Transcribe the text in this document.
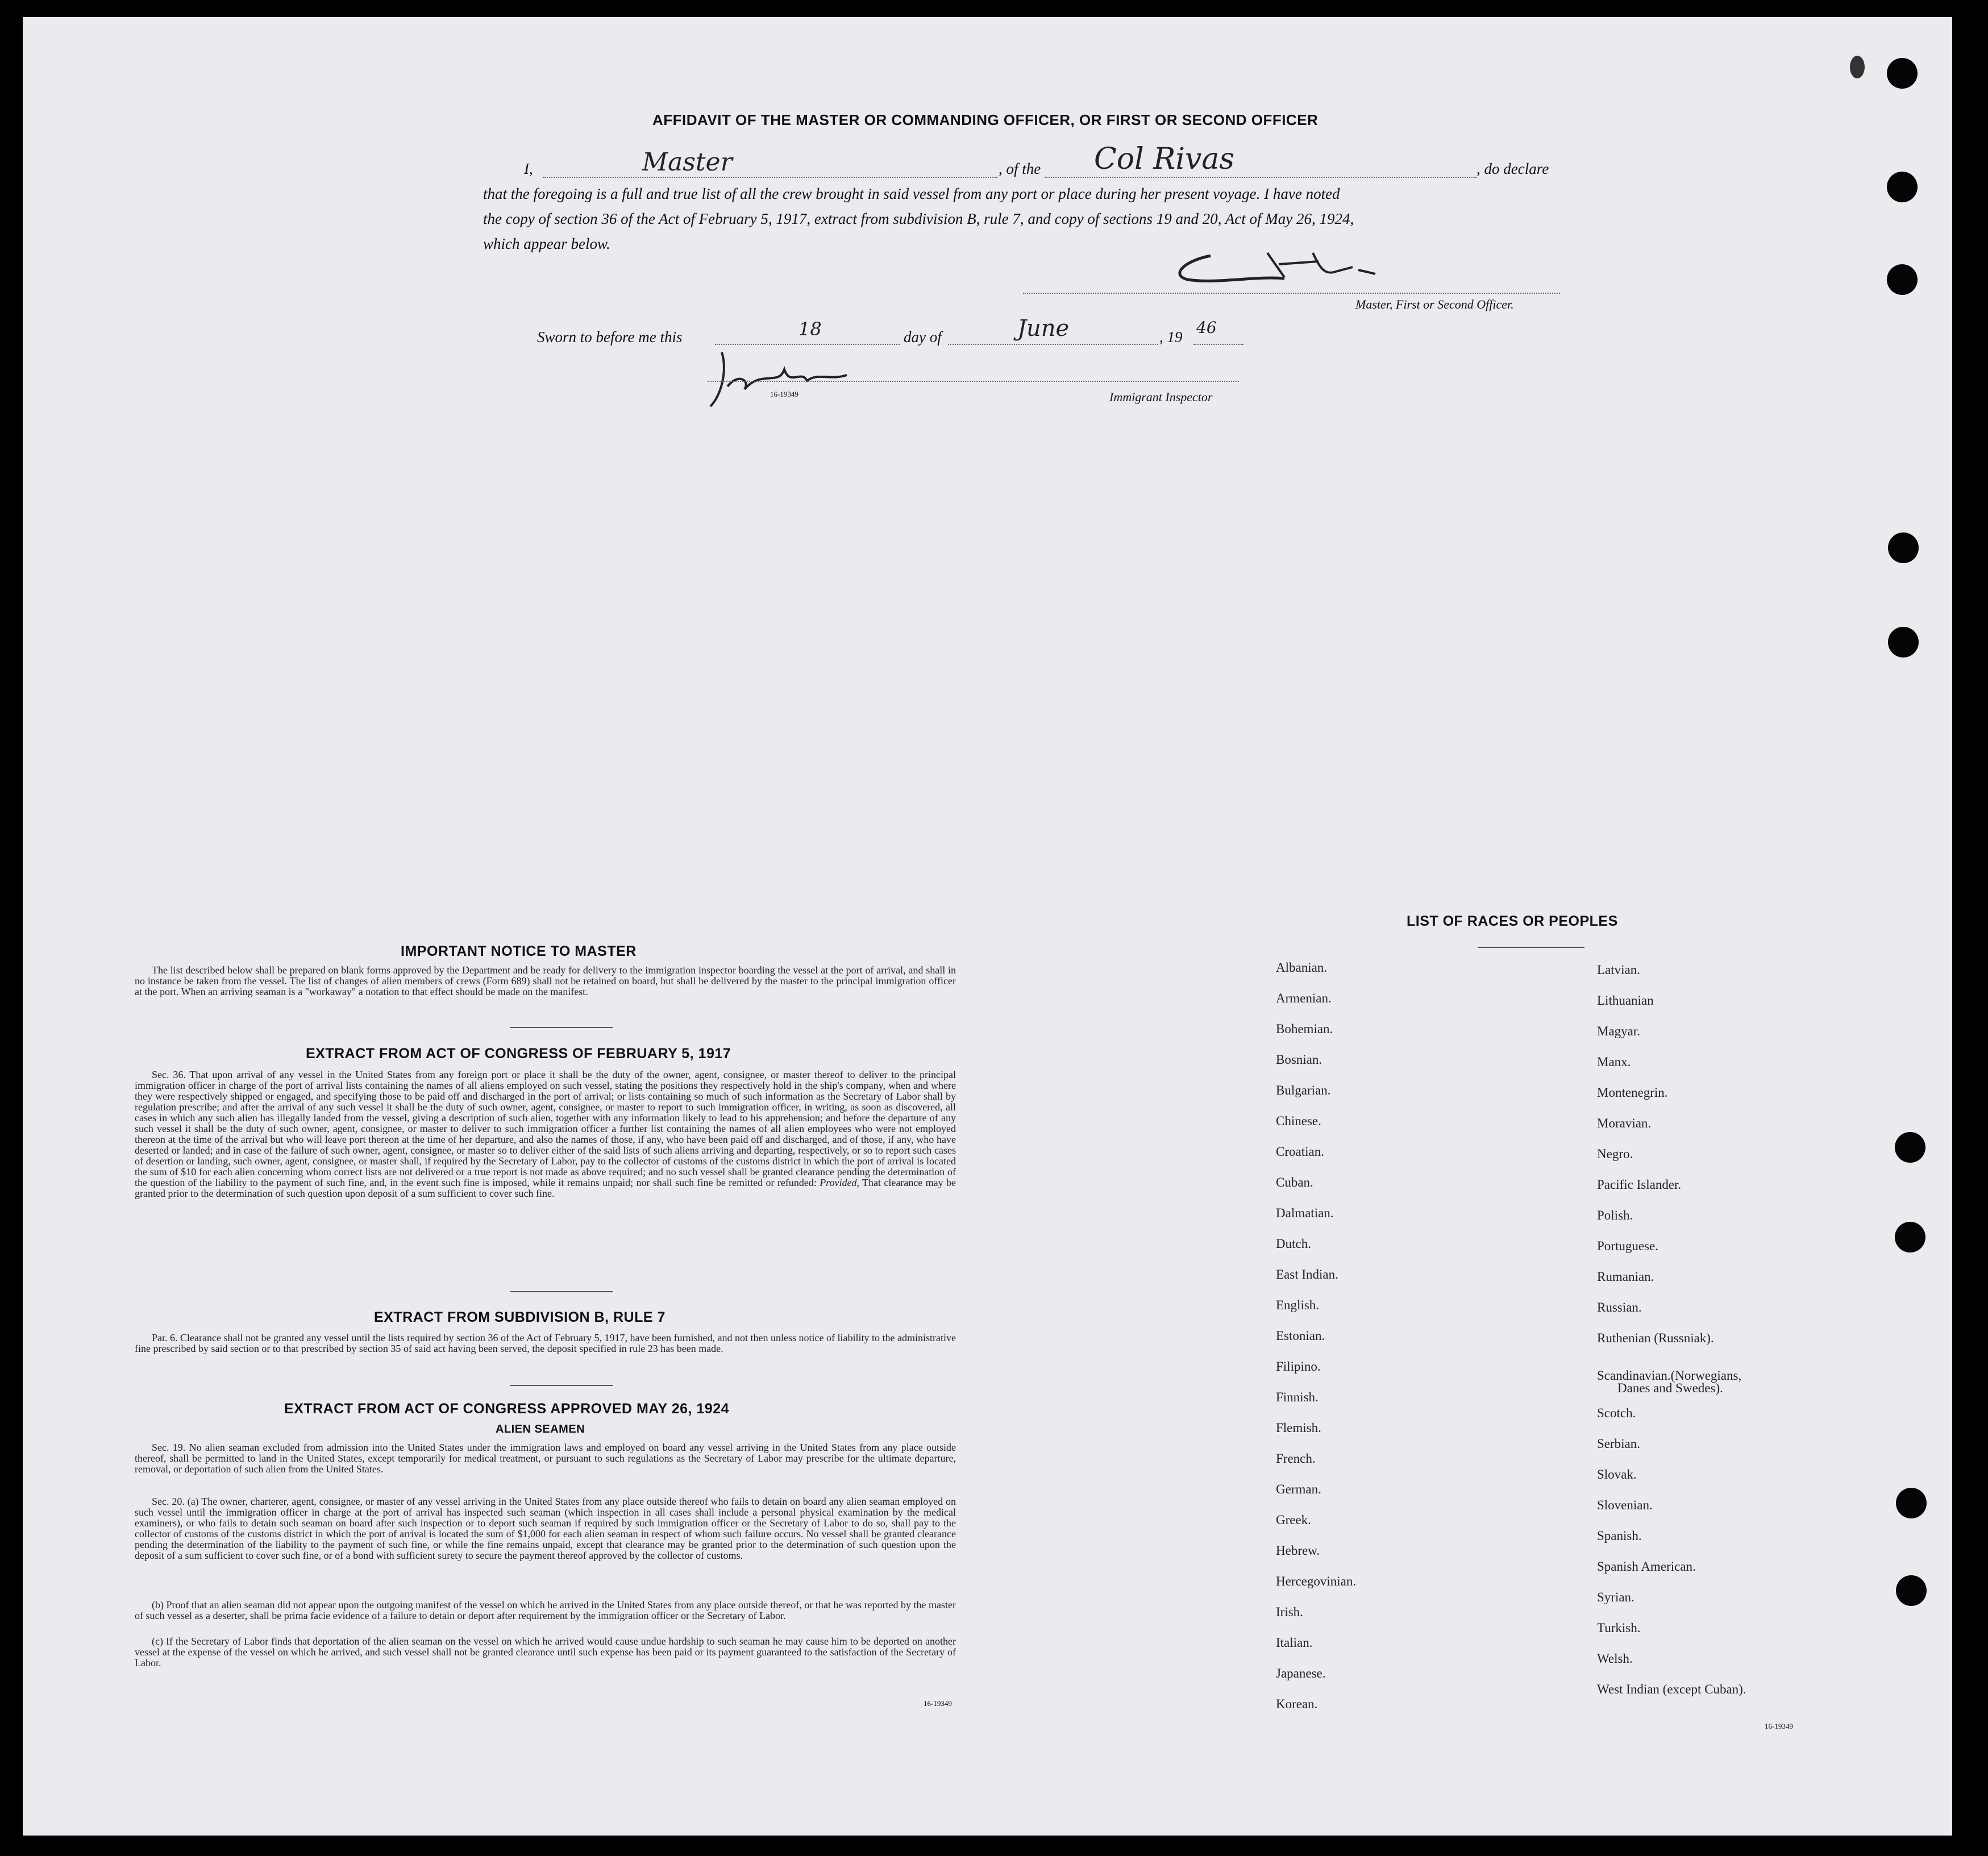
AFFIDAVIT OF THE MASTER OR COMMANDING OFFICER, OR FIRST OR SECOND OFFICER
I,	Master	, of the Col Rivas	, do declare
that the foregoing is a full and true list of all the crew brought in said vessel from any port or place during her present voyage. I have noted
the copy of section 36 of the Act of February 5, 1917, extract from subdivision B, rule 7, and copy of sections 19 and 20, Act of May 26, 1924,
which appear below.
Master, First or Second Officer.
Sworn to before me this	18	day of	June	, 19 46
16-19349	Immigrant Inspector
IMPORTANT NOTICE TO MASTER
The list described below shall be prepared on blank forms approved by the Department and be ready for delivery to the immigration inspector boarding the vessel at the port of arrival, and shall in no instance be taken from the vessel. The list of changes of alien members of crews (Form 689) shall not be retained on board, but shall be delivered by the master to the principal immigration officer at the port. When an arriving seaman is a "workaway" a notation to that effect should be made on the manifest.
EXTRACT FROM ACT OF CONGRESS OF FEBRUARY 5, 1917
Sec. 36. That upon arrival of any vessel in the United States from any foreign port or place it shall be the duty of the owner, agent, consignee, or master thereof to deliver to the principal immigration officer in charge of the port of arrival lists containing the names of all aliens employed on such vessel, stating the positions they respectively hold in the ship's company, when and where they were respectively shipped or engaged, and specifying those to be paid off and discharged in the port of arrival; or lists containing so much of such information as the Secretary of Labor shall by regulation prescribe; and after the arrival of any such vessel it shall be the duty of such owner, agent, consignee, or master to report to such immigration officer, in writing, as soon as discovered, all cases in which any such alien has illegally landed from the vessel, giving a description of such alien, together with any information likely to lead to his apprehension; and before the departure of any such vessel it shall be the duty of such owner, agent, consignee, or master to deliver to such immigration officer a further list containing the names of all alien employees who were not employed thereon at the time of the arrival but who will leave port thereon at the time of her departure, and also the names of those, if any, who have been paid off and discharged, and of those, if any, who have deserted or landed; and in case of the failure of such owner, agent, consignee, or master so to deliver either of the said lists of such aliens arriving and departing, respectively, or so to report such cases of desertion or landing, such owner, agent, consignee, or master shall, if required by the Secretary of Labor, pay to the collector of customs of the customs district in which the port of arrival is located the sum of $10 for each alien concerning whom correct lists are not delivered or a true report is not made as above required; and no such vessel shall be granted clearance pending the determination of the question of the liability to the payment of such fine, and, in the event such fine is imposed, while it remains unpaid; nor shall such fine be remitted or refunded: Provided, That clearance may be granted prior to the determination of such question upon deposit of a sum sufficient to cover such fine.
EXTRACT FROM SUBDIVISION B, RULE 7
Par. 6. Clearance shall not be granted any vessel until the lists required by section 36 of the Act of February 5, 1917, have been furnished, and not then unless notice of liability to the administrative fine prescribed by said section or to that prescribed by section 35 of said act having been served, the deposit specified in rule 23 has been made.
EXTRACT FROM ACT OF CONGRESS APPROVED MAY 26, 1924
ALIEN SEAMEN
Sec. 19. No alien seaman excluded from admission into the United States under the immigration laws and employed on board any vessel arriving in the United States from any place outside thereof, shall be permitted to land in the United States, except temporarily for medical treatment, or pursuant to such regulations as the Secretary of Labor may prescribe for the ultimate departure, removal, or deportation of such alien from the United States.
Sec. 20. (a) The owner, charterer, agent, consignee, or master of any vessel arriving in the United States from any place outside thereof who fails to detain on board any alien seaman employed on such vessel until the immigration officer in charge at the port of arrival has inspected such seaman (which inspection in all cases shall include a personal physical examination by the medical examiners), or who fails to detain such seaman on board after such inspection or to deport such seaman if required by such immigration officer or the Secretary of Labor to do so, shall pay to the collector of customs of the customs district in which the port of arrival is located the sum of $1,000 for each alien seaman in respect of whom such failure occurs. No vessel shall be granted clearance pending the determination of the liability to the payment of such fine, or while the fine remains unpaid, except that clearance may be granted prior to the determination of such question upon the deposit of a sum sufficient to cover such fine, or of a bond with sufficient surety to secure the payment thereof approved by the collector of customs.
(b) Proof that an alien seaman did not appear upon the outgoing manifest of the vessel on which he arrived in the United States from any place outside thereof, or that he was reported by the master of such vessel as a deserter, shall be prima facie evidence of a failure to detain or deport after requirement by the immigration officer or the Secretary of Labor.
(c) If the Secretary of Labor finds that deportation of the alien seaman on the vessel on which he arrived would cause undue hardship to such seaman he may cause him to be deported on another vessel at the expense of the vessel on which he arrived, and such vessel shall not be granted clearance until such expense has been paid or its payment guaranteed to the satisfaction of the Secretary of Labor.
16-19349
LIST OF RACES OR PEOPLES
Albanian.
Armenian.
Bohemian.
Bosnian.
Bulgarian.
Chinese.
Croatian.
Cuban.
Dalmatian.
Dutch.
East Indian.
English.
Estonian.
Filipino.
Finnish.
Flemish.
French.
German.
Greek.
Hebrew.
Hercegovinian.
Irish.
Italian.
Japanese.
Korean.
Latvian.
Lithuanian
Magyar.
Manx.
Montenegrin.
Moravian.
Negro.
Pacific Islander.
Polish.
Portuguese.
Rumanian.
Russian.
Ruthenian (Russniak).
Scandinavian.(Norwegians,
Danes and Swedes).
Scotch.
Serbian.
Slovak.
Slovenian.
Spanish.
Spanish American.
Syrian.
Turkish.
Welsh.
West Indian (except Cuban).
16-19349
